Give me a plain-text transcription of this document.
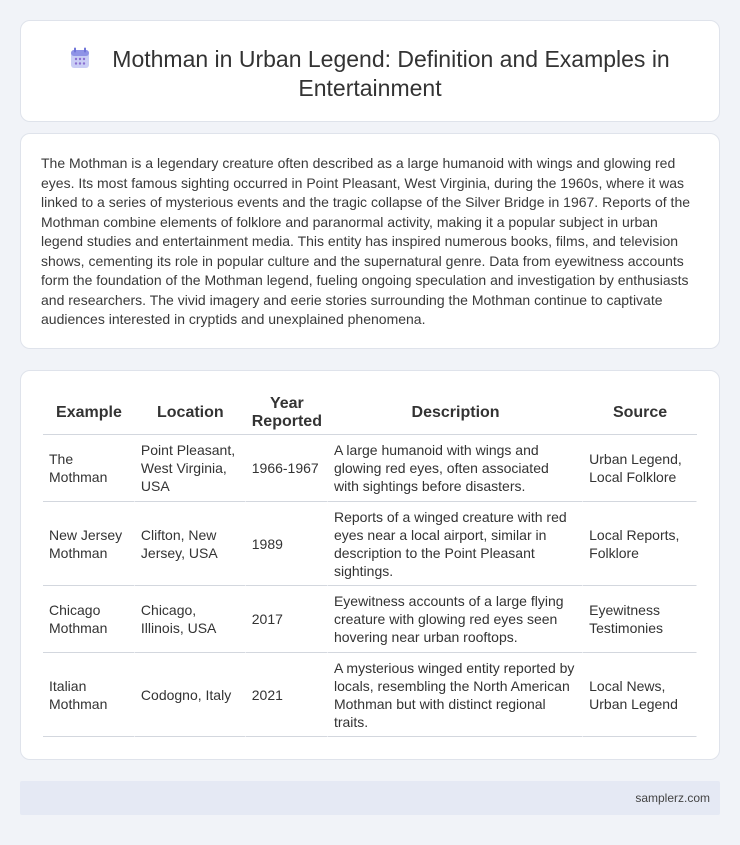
Mothman in Urban Legend: Definition and Examples in Entertainment

The Mothman is a legendary creature often described as a large humanoid with wings and glowing red eyes. Its most famous sighting occurred in Point Pleasant, West Virginia, during the 1960s, where it was linked to a series of mysterious events and the tragic collapse of the Silver Bridge in 1967. Reports of the Mothman combine elements of folklore and paranormal activity, making it a popular subject in urban legend studies and entertainment media. This entity has inspired numerous books, films, and television shows, cementing its role in popular culture and the supernatural genre. Data from eyewitness accounts form the foundation of the Mothman legend, fueling ongoing speculation and investigation by enthusiasts and researchers. The vivid imagery and eerie stories surrounding the Mothman continue to captivate audiences interested in cryptids and unexplained phenomena.

Example	Location	Year Reported	Description	Source
The Mothman	Point Pleasant, West Virginia, USA	1966-1967	A large humanoid with wings and glowing red eyes, often associated with sightings before disasters.	Urban Legend, Local Folklore
New Jersey Mothman	Clifton, New Jersey, USA	1989	Reports of a winged creature with red eyes near a local airport, similar in description to the Point Pleasant sightings.	Local Reports, Folklore
Chicago Mothman	Chicago, Illinois, USA	2017	Eyewitness accounts of a large flying creature with glowing red eyes seen hovering near urban rooftops.	Eyewitness Testimonies
Italian Mothman	Codogno, Italy	2021	A mysterious winged entity reported by locals, resembling the North American Mothman but with distinct regional traits.	Local News, Urban Legend
samplerz.com
